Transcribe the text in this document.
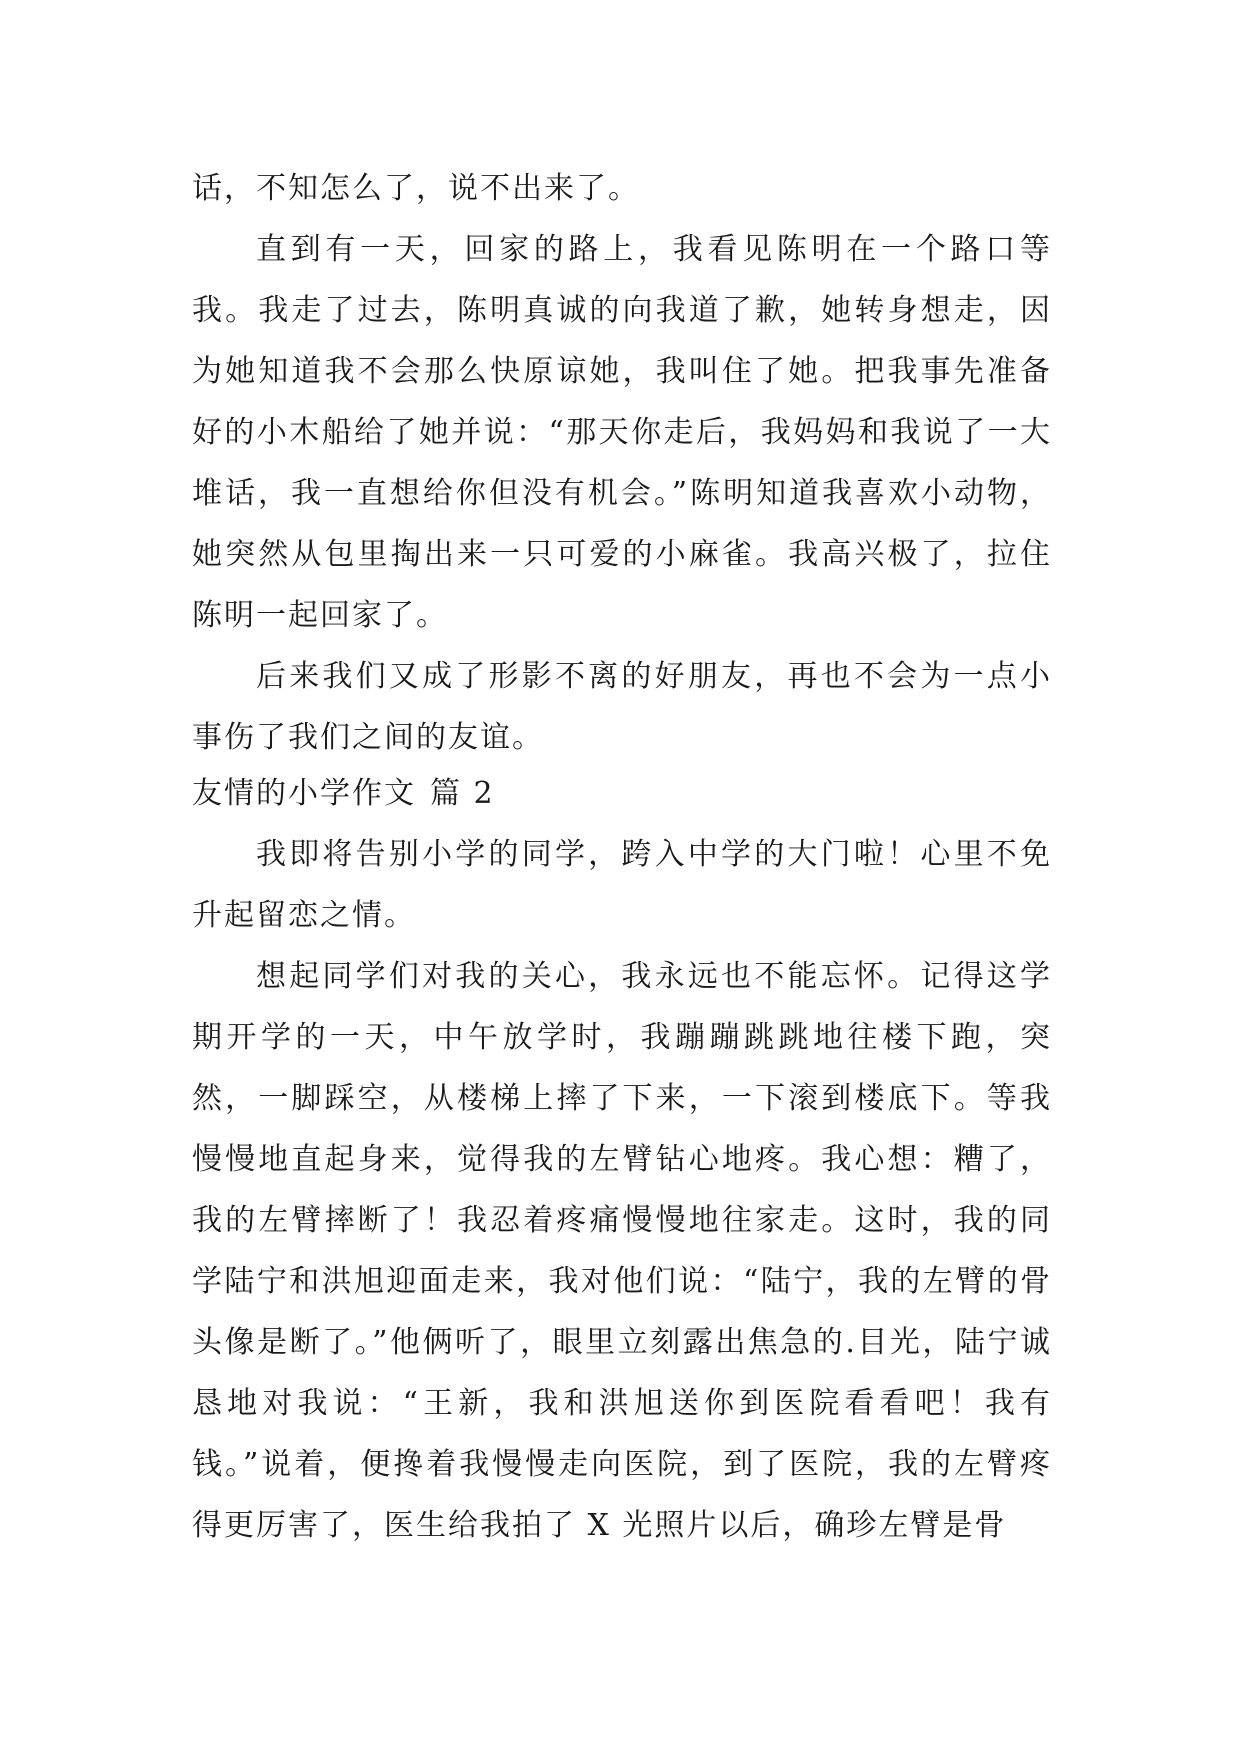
话，不知怎么了，说不出来了。

直到有一天，回家的路上，我看见陈明在一个路口等我。我走了过去，陈明真诚的向我道了歉，她转身想走，因为她知道我不会那么快原谅她，我叫住了她。把我事先准备好的小木船给了她并说：“那天你走后，我妈妈和我说了一大堆话，我一直想给你但没有机会。”陈明知道我喜欢小动物，她突然从包里掏出来一只可爱的小麻雀。我高兴极了，拉住陈明一起回家了。

后来我们又成了形影不离的好朋友，再也不会为一点小事伤了我们之间的友谊。

友情的小学作文 篇 2

我即将告别小学的同学，跨入中学的大门啦！心里不免升起留恋之情。

想起同学们对我的关心，我永远也不能忘怀。记得这学期开学的一天，中午放学时，我蹦蹦跳跳地往楼下跑，突然，一脚踩空，从楼梯上摔了下来，一下滚到楼底下。等我慢慢地直起身来，觉得我的左臂钻心地疼。我心想：糟了，我的左臂摔断了！我忍着疼痛慢慢地往家走。这时，我的同学陆宁和洪旭迎面走来，我对他们说：“陆宁，我的左臂的骨头像是断了。”他俩听了，眼里立刻露出焦急的.目光，陆宁诚恳地对我说：“王新，我和洪旭送你到医院看看吧！我有钱。”说着，便搀着我慢慢走向医院，到了医院，我的左臂疼得更厉害了，医生给我拍了 X 光照片以后，确珍左臂是骨
